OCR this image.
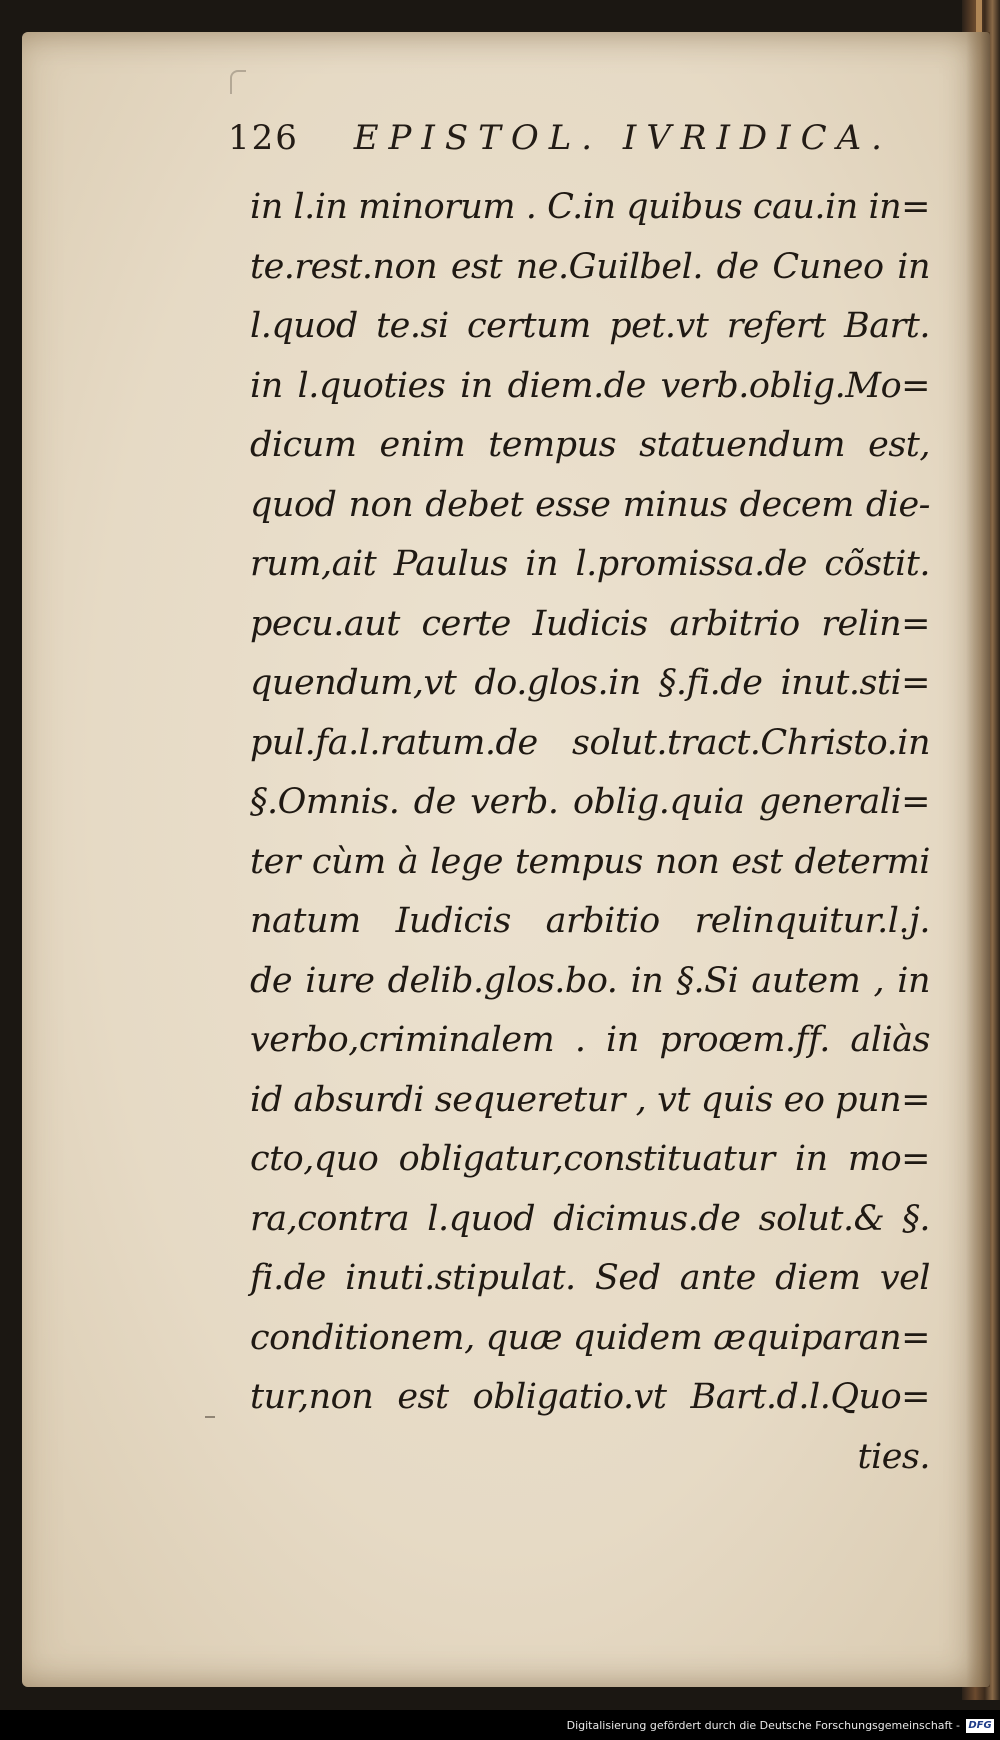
126 EPISTOL. IVRIDICA.
in l.in minorum . C.in quibus cau.in in=
te.rest.non est ne.Guilbel. de Cuneo in
l.quod te.si certum pet.vt refert Bart.
in l.quoties in diem.de verb.oblig.Mo=
dicum enim tempus statuendum est,
quod non debet esse minus decem die-
rum,ait Paulus in l.promissa.de cõstit.
pecu.aut certe Iudicis arbitrio relin=
quendum,vt do.glos.in §.fi.de inut.sti=
pul.fa.l.ratum.de solut.tract.Christo.in
§.Omnis. de verb. oblig.quia generali=
ter cùm à lege tempus non est determi
natum Iudicis arbitio relinquitur.l.j.
de iure delib.glos.bo. in §.Si autem , in
verbo,criminalem . in proœm.ff. aliàs
id absurdi sequeretur , vt quis eo pun=
cto,quo obligatur,constituatur in mo=
ra,contra l.quod dicimus.de solut.& §.
fi.de inuti.stipulat. Sed ante diem vel
conditionem, quæ quidem æquiparan=
tur,non est obligatio.vt Bart.d.l.Quo=
ties.
Digitalisierung gefördert durch die Deutsche Forschungsgemeinschaft - DFG
